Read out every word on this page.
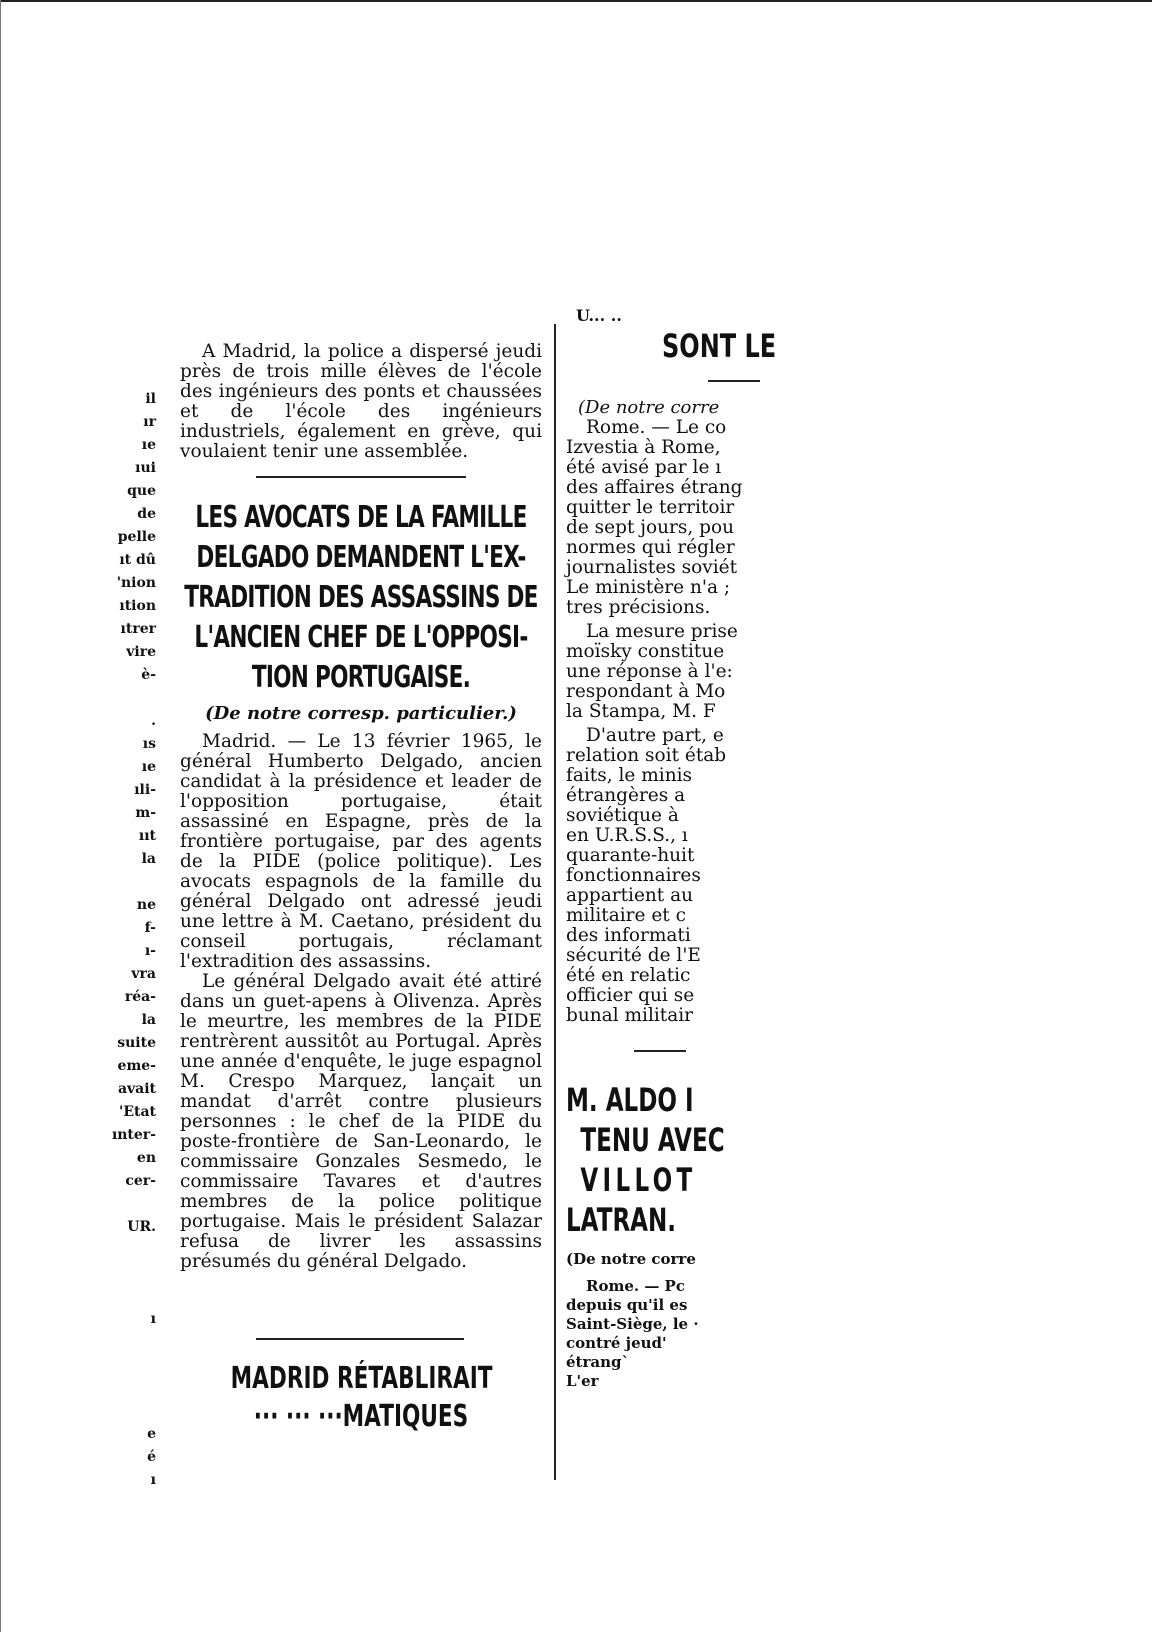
il
ır
ıe
ıui
que
de
pelle
ıt dû
'nion
ıtion
ıtrer
vire
è-
.
ıs
ıe
ıli-
m-
ııt
la
ne
f-
ı-
vra
réa-
la
suite
eme-
avait
'Etat
ınter-
en
cer-
UR.
ı
e
é
ı

A Madrid, la police a dispersé jeudi près de trois mille élèves de l'école des ingénieurs des ponts et chaussées et de l'école des ingénieurs industriels, également en grève, qui voulaient tenir une assemblée.

LES AVOCATS DE LA FAMILLE
DELGADO DEMANDENT L'EX-
TRADITION DES ASSASSINS DE
L'ANCIEN CHEF DE L'OPPOSI-
TION PORTUGAISE.
(De notre corresp. particulier.)

Madrid. — Le 13 février 1965, le général Humberto Delgado, ancien candidat à la présidence et leader de l'opposition portugaise, était assassiné en Espagne, près de la frontière portugaise, par des agents de la PIDE (police politique). Les avocats espagnols de la famille du général Delgado ont adressé jeudi une lettre à M. Caetano, président du conseil portugais, réclamant l'extradition des assassins.

Le général Delgado avait été attiré dans un guet-apens à Olivenza. Après le meurtre, les membres de la PIDE rentrèrent aussitôt au Portugal. Après une année d'enquête, le juge espagnol M. Crespo Marquez, lançait un mandat d'arrêt contre plusieurs personnes : le chef de la PIDE du poste-frontière de San-Leonardo, le commissaire Gonzales Sesmedo, le commissaire Tavares et d'autres membres de la police politique portugaise. Mais le président Salazar refusa de livrer les assassins présumés du général Delgado.

MADRID RÉTABLIRAIT
··· ··· ···MATIQUES
U... ..
SONT LE
(De notre corre
Rome. — Le co
Izvestia à Rome,
été avisé par le ı
des affaires étrang
quitter le territoir
de sept jours, pou
normes qui régler
journalistes soviét
Le ministère n'a ;
tres précisions.
La mesure prise
moïsky constitue
une réponse à l'e:
respondant à Mo
la Stampa, M. F
D'autre part, e
relation soit étab
faits, le minis
étrangères a
soviétique à
en U.R.S.S., ı
quarante-huit
fonctionnaires
appartient au
militaire et c
des informati
sécurité de l'E
été en relatic
officier qui se
bunal militair
M. ALDO I
TENU AVEC
VILLOT
LATRAN.
(De notre corre
Rome. — Pc
depuis qu'il es
Saint-Siège, le ·
contré jeud'
étrang`
L'er
